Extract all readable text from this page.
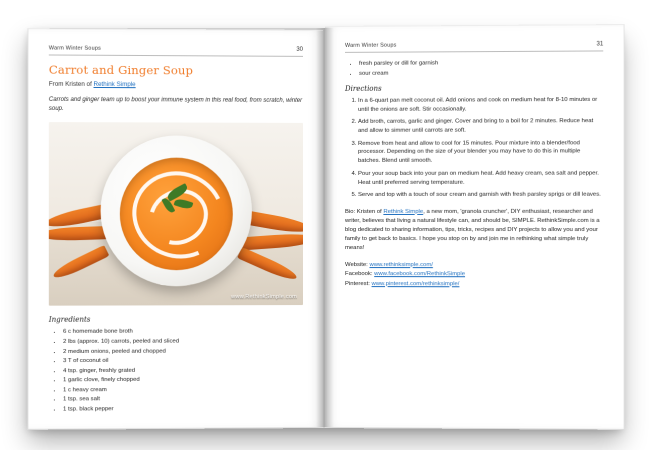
Warm Winter Soups	30
Carrot and Ginger Soup
From Kristen of Rethink Simple
Carrots and ginger team up to boost your immune system in this real food, from scratch, winter soup.
www.RethinkSimple.com
Ingredients
• 6 c homemade bone broth
• 2 lbs (approx. 10) carrots, peeled and sliced
• 2 medium onions, peeled and chopped
• 3 T of coconut oil
• 4 tsp. ginger, freshly grated
• 1 garlic clove, finely chopped
• 1 c heavy cream
• 1 tsp. sea salt
• 1 tsp. black pepper
Warm Winter Soups	31
• fresh parsley or dill for garnish
• sour cream
Directions
1. In a 6-quart pan melt coconut oil. Add onions and cook on medium heat for 8-10 minutes or until the onions are soft. Stir occasionally.
2. Add broth, carrots, garlic and ginger. Cover and bring to a boil for 2 minutes. Reduce heat and allow to simmer until carrots are soft.
3. Remove from heat and allow to cool for 15 minutes. Pour mixture into a blender/food processor. Depending on the size of your blender you may have to do this in multiple batches. Blend until smooth.
4. Pour your soup back into your pan on medium heat. Add heavy cream, sea salt and pepper. Heat until preferred serving temperature.
5. Serve and top with a touch of sour cream and garnish with fresh parsley sprigs or dill leaves.
Bio: Kristen of Rethink Simple, a new mom, 'granola cruncher', DIY enthusiast, researcher and writer, believes that living a natural lifestyle can, and should be, SIMPLE. RethinkSimple.com is a blog dedicated to sharing information, tips, tricks, recipes and DIY projects to allow you and your family to get back to basics. I hope you stop on by and join me in rethinking what simple truly means!
Website: www.rethinksimple.com/
Facebook: www.facebook.com/RethinkSimple
Pinterest: www.pinterest.com/rethinksimple/
